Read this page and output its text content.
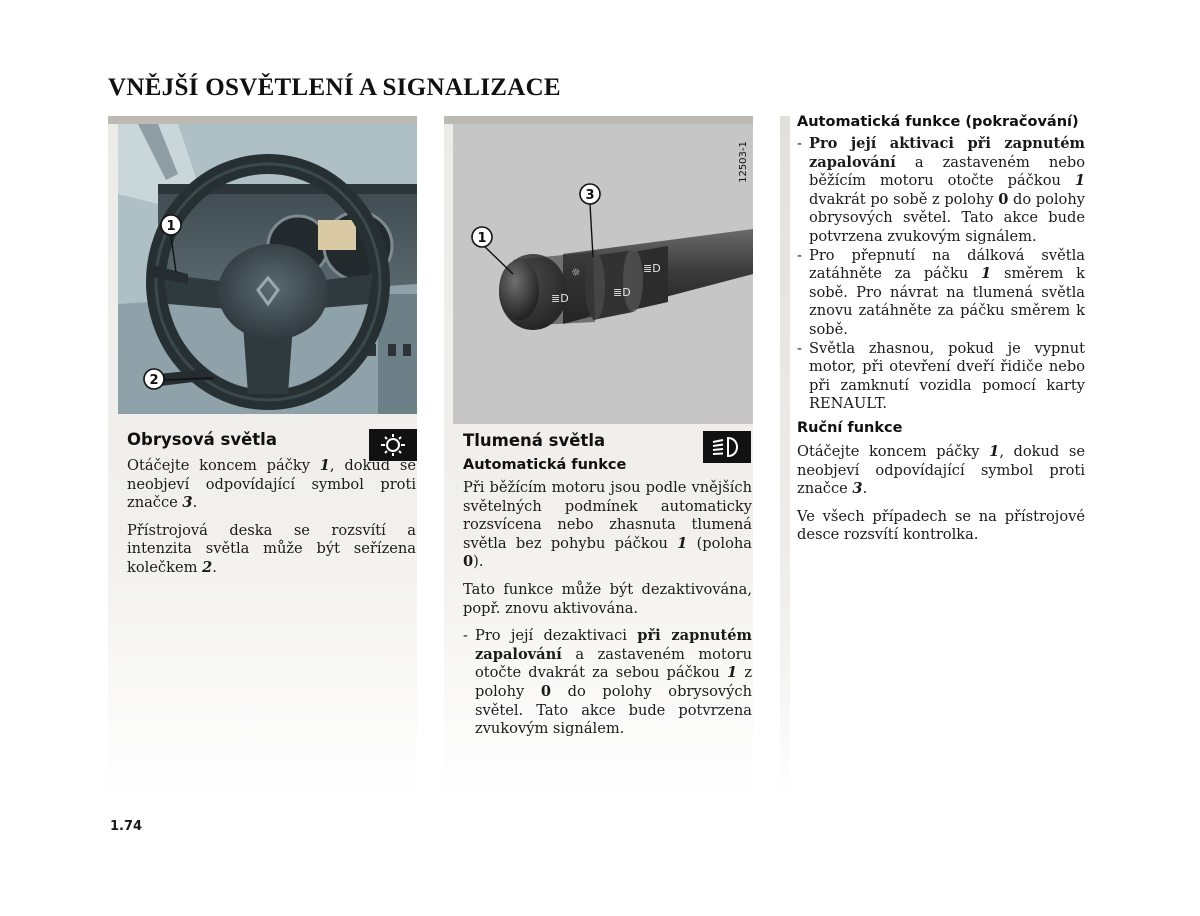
VNĚJŠÍ OSVĚTLENÍ A SIGNALIZACE
1
2
≣D
☼
≣D
≣D
12503-1
1
3
Obrysová světla

Otáčejte koncem páčky 1, dokud se neobjeví odpovídající symbol proti značce 3.

Přístrojová deska se rozsvítí a intenzita světla může být seřízena kolečkem 2.

Tlumená světla
Automatická funkce

Při běžícím motoru jsou podle vnějších světelných podmínek automaticky rozsvícena nebo zhasnuta tlumená světla bez pohybu páčkou 1 (poloha 0).

Tato funkce může být dezaktivována, popř. znovu aktivována.

- Pro její dezaktivaci při zapnutém zapalování a zastaveném motoru otočte dvakrát za sebou páčkou 1 z polohy 0 do polohy obrysových světel. Tato akce bude potvrzena zvukovým signálem.

Automatická funkce (pokračování)

- Pro její aktivaci při zapnutém zapalování a zastaveném nebo běžícím motoru otočte páčkou 1 dvakrát po sobě z polohy 0 do polohy obrysových světel. Tato akce bude potvrzena zvukovým signálem.

- Pro přepnutí na dálková světla zatáhněte za páčku 1 směrem k sobě. Pro návrat na tlumená světla znovu zatáhněte za páčku směrem k sobě.

- Světla zhasnou, pokud je vypnut motor, při otevření dveří řidiče nebo při zamknutí vozidla pomocí karty RENAULT.

Ruční funkce

Otáčejte koncem páčky 1, dokud se neobjeví odpovídající symbol proti značce 3.

Ve všech případech se na přístrojové desce rozsvítí kontrolka.

1.74
